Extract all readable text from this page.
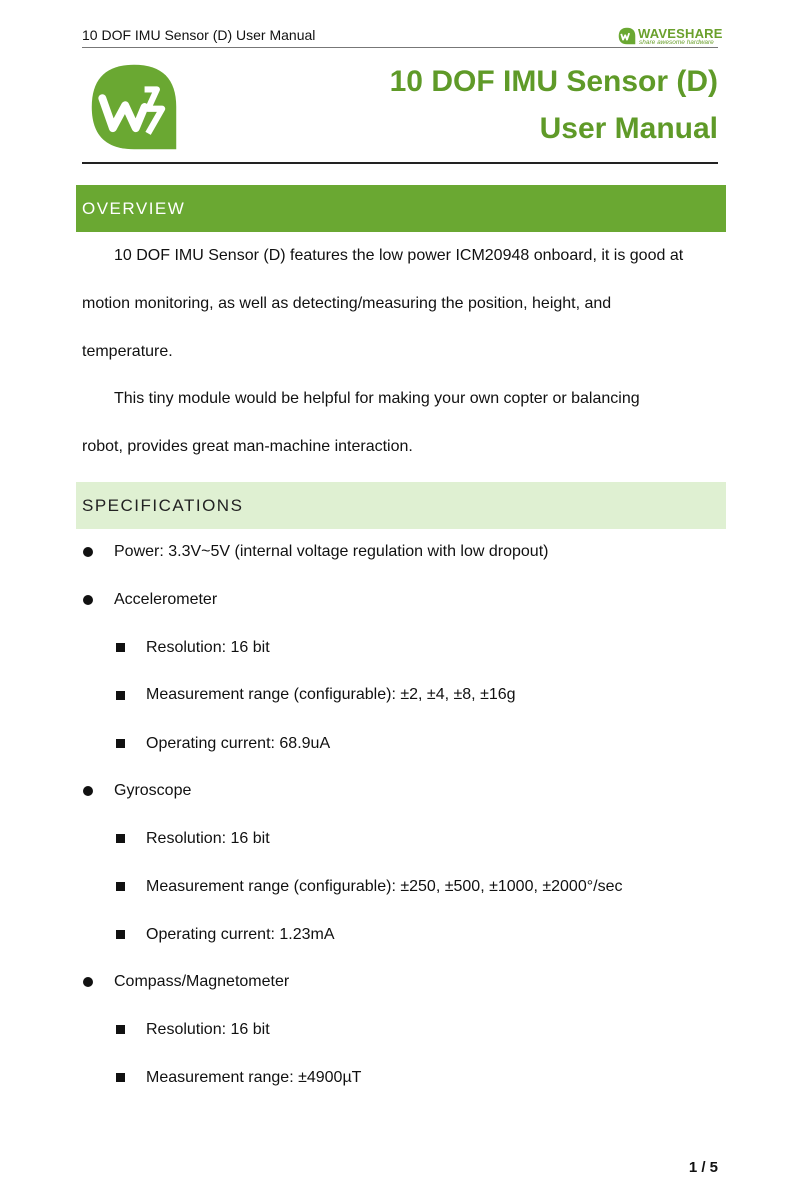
10 DOF IMU Sensor (D) User Manual	WAVESHARE
share awesome hardware
10 DOF IMU Sensor (D)
User Manual
OVERVIEW
10 DOF IMU Sensor (D) features the low power ICM20948 onboard, it is good at
motion monitoring, as well as detecting/measuring the position, height, and
temperature.
This tiny module would be helpful for making your own copter or balancing
robot, provides great man-machine interaction.
SPECIFICATIONS
Power: 3.3V~5V (internal voltage regulation with low dropout)
Accelerometer
Resolution: 16 bit
Measurement range (configurable): ±2, ±4, ±8, ±16g
Operating current: 68.9uA
Gyroscope
Resolution: 16 bit
Measurement range (configurable): ±250, ±500, ±1000, ±2000°/sec
Operating current: 1.23mA
Compass/Magnetometer
Resolution: 16 bit
Measurement range: ±4900µT
1 / 5
